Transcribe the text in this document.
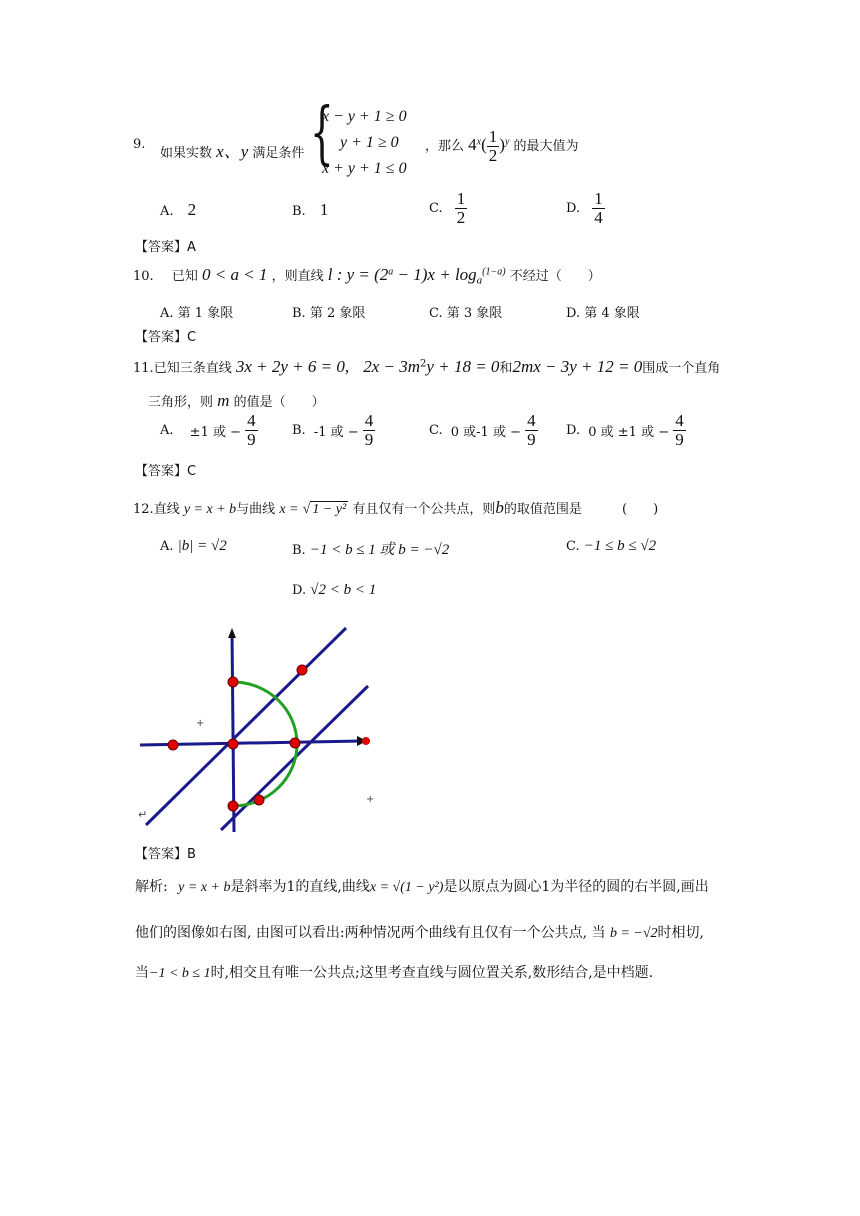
9.
如果实数 x、y 满足条件 {
x − y + 1 ≥ 0
y + 1 ≥ 0
x + y + 1 ≤ 0
，那么 $4^x( \frac{1}{2} )^y$ 的最大值为
A. 2	B. 1	C. $\frac{1}{2}$	D. $\frac{1}{4}$
【答案】A
10. 已知 0 < a < 1 ，则直线 l : $y = (2^a - 1)x + \log_a^{(1-a)}$ 不经过（　　）
A. 第 1 象限	B. 第 2 象限	C. 第 3 象限	D. 第 4 象限
【答案】C
11.已知三条直线 3x + 2y + 6 = 0, $2x - 3m^2y + 18 = 0$和2mx − 3y + 12 = 0围成一个直角
三角形，则 m 的值是（　　）
A. ±1 或 − $\frac{4}{9}$	B. -1 或 − $\frac{4}{9}$	C. 0 或-1 或 − $\frac{4}{9} D$. 0 或 ±1 或 − $\frac{4}{9}$
【答案】C
12.直线 y = x + b与曲线 x = √ 1 − y² 有且仅有一个公共点，则b的取值范围是	(　　)
A. |b| = √2	B. −1 < b ≤ 1 或 b = −√2	C. −1 ≤ b ≤ √2
D. √2 < b < 1
+
+
↵
【答案】B
解析: y = x + b是斜率为1的直线,曲线x = √(1 − y²)是以原点为圆心1为半径的圆的右半圆,画出
他们的图像如右图, 由图可以看出:两种情况两个曲线有且仅有一个公共点, 当 b = −√2时相切,
当−1 < b ≤ 1时,相交且有唯一公共点;这里考查直线与圆位置关系,数形结合,是中档题.
